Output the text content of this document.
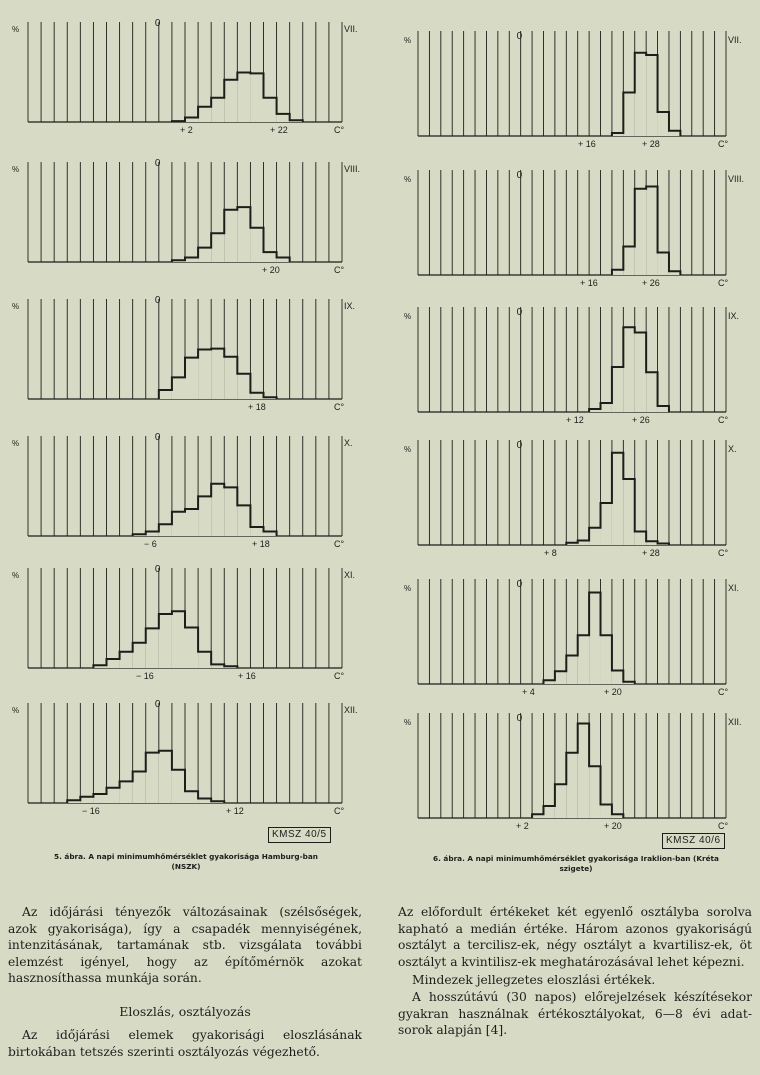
%
0	VII.
C°
+ 2	+ 22
%
0	VIII.
C°
+ 20
%
0	IX.
C°
+ 18
%
0	X.
C°
− 6	+ 18
%
0	XI.
C°
− 16	+ 16
%
0	XII.
C°
− 16	+ 12
%	0	VII.
C°
+ 16	+ 28
%	0	VIII.
C°
+ 16	+ 26
%	0	IX.
C°
+ 12	+ 26
%	0	X.
C°
+ 8	+ 28
%	0	XI.
C°
+ 4	+ 20
%	0	XII.
C°
+ 2	+ 20
KMSZ 40/5
KMSZ 40/6
5. ábra. A napi minimumhőmérséklet gyakorisága Hamburg-ban
(NSZK)
6. ábra. A napi minimumhőmérséklet gyakorisága Iraklion-ban (Kréta
szigete)

Az időjárási tényezők változásainak (szélsőségek, azok gyakorisága), így a csapadék mennyiségének, intenzitásának, tartamának stb. vizsgálata további elemzést igényel, hogy az építőmérnök azokat hasznosíthassa munkája során.

Eloszlás, osztályozás

Az időjárási elemek gyakorisági eloszlásának birtokában tetszés szerinti osztályozás végezhető.

Az előfordult értékeket két egyenlő osztályba sorolva kapható a medián értéke. Három azonos gyakoriságú osztályt a tercilisz-ek, négy osztályt a kvartilisz-ek, öt osztályt a kvintilisz-ek meghatározásával lehet képezni.

Mindezek jellegzetes eloszlási értékek.

A hosszútávú (30 napos) előrejelzések készítésekor gyakran használnak értékosztályokat, 6—8 évi adat-sorok alapján [4].
